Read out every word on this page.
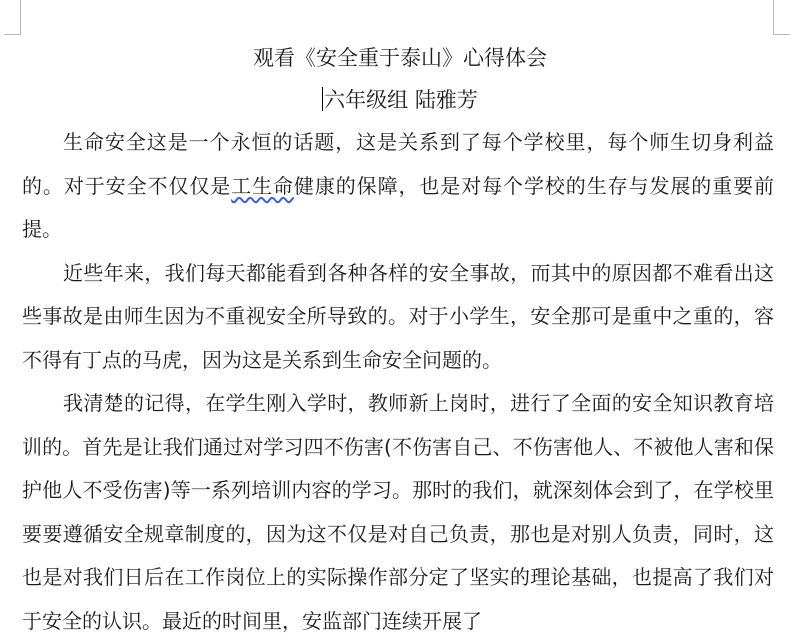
观看《安全重于泰山》心得体会
六年级组 陆雅芳

生命安全这是一个永恒的话题，这是关系到了每个学校里，每个师生切身利益的。对于安全不仅仅是工生命健康的保障，也是对每个学校的生存与发展的重要前提。

近些年来，我们每天都能看到各种各样的安全事故，而其中的原因都不难看出这些事故是由师生因为不重视安全所导致的。对于小学生，安全那可是重中之重的，容不得有丁点的马虎，因为这是关系到生命安全问题的。

我清楚的记得，在学生刚入学时，教师新上岗时，进行了全面的安全知识教育培训的。首先是让我们通过对学习四不伤害(不伤害自己、不伤害他人、不被他人害和保护他人不受伤害)等一系列培训内容的学习。那时的我们，就深刻体会到了，在学校里要要遵循安全规章制度的，因为这不仅是对自己负责，那也是对别人负责，同时，这也是对我们日后在工作岗位上的实际操作部分定了坚实的理论基础，也提高了我们对于安全的认识。最近的时间里，安监部门连续开展了
